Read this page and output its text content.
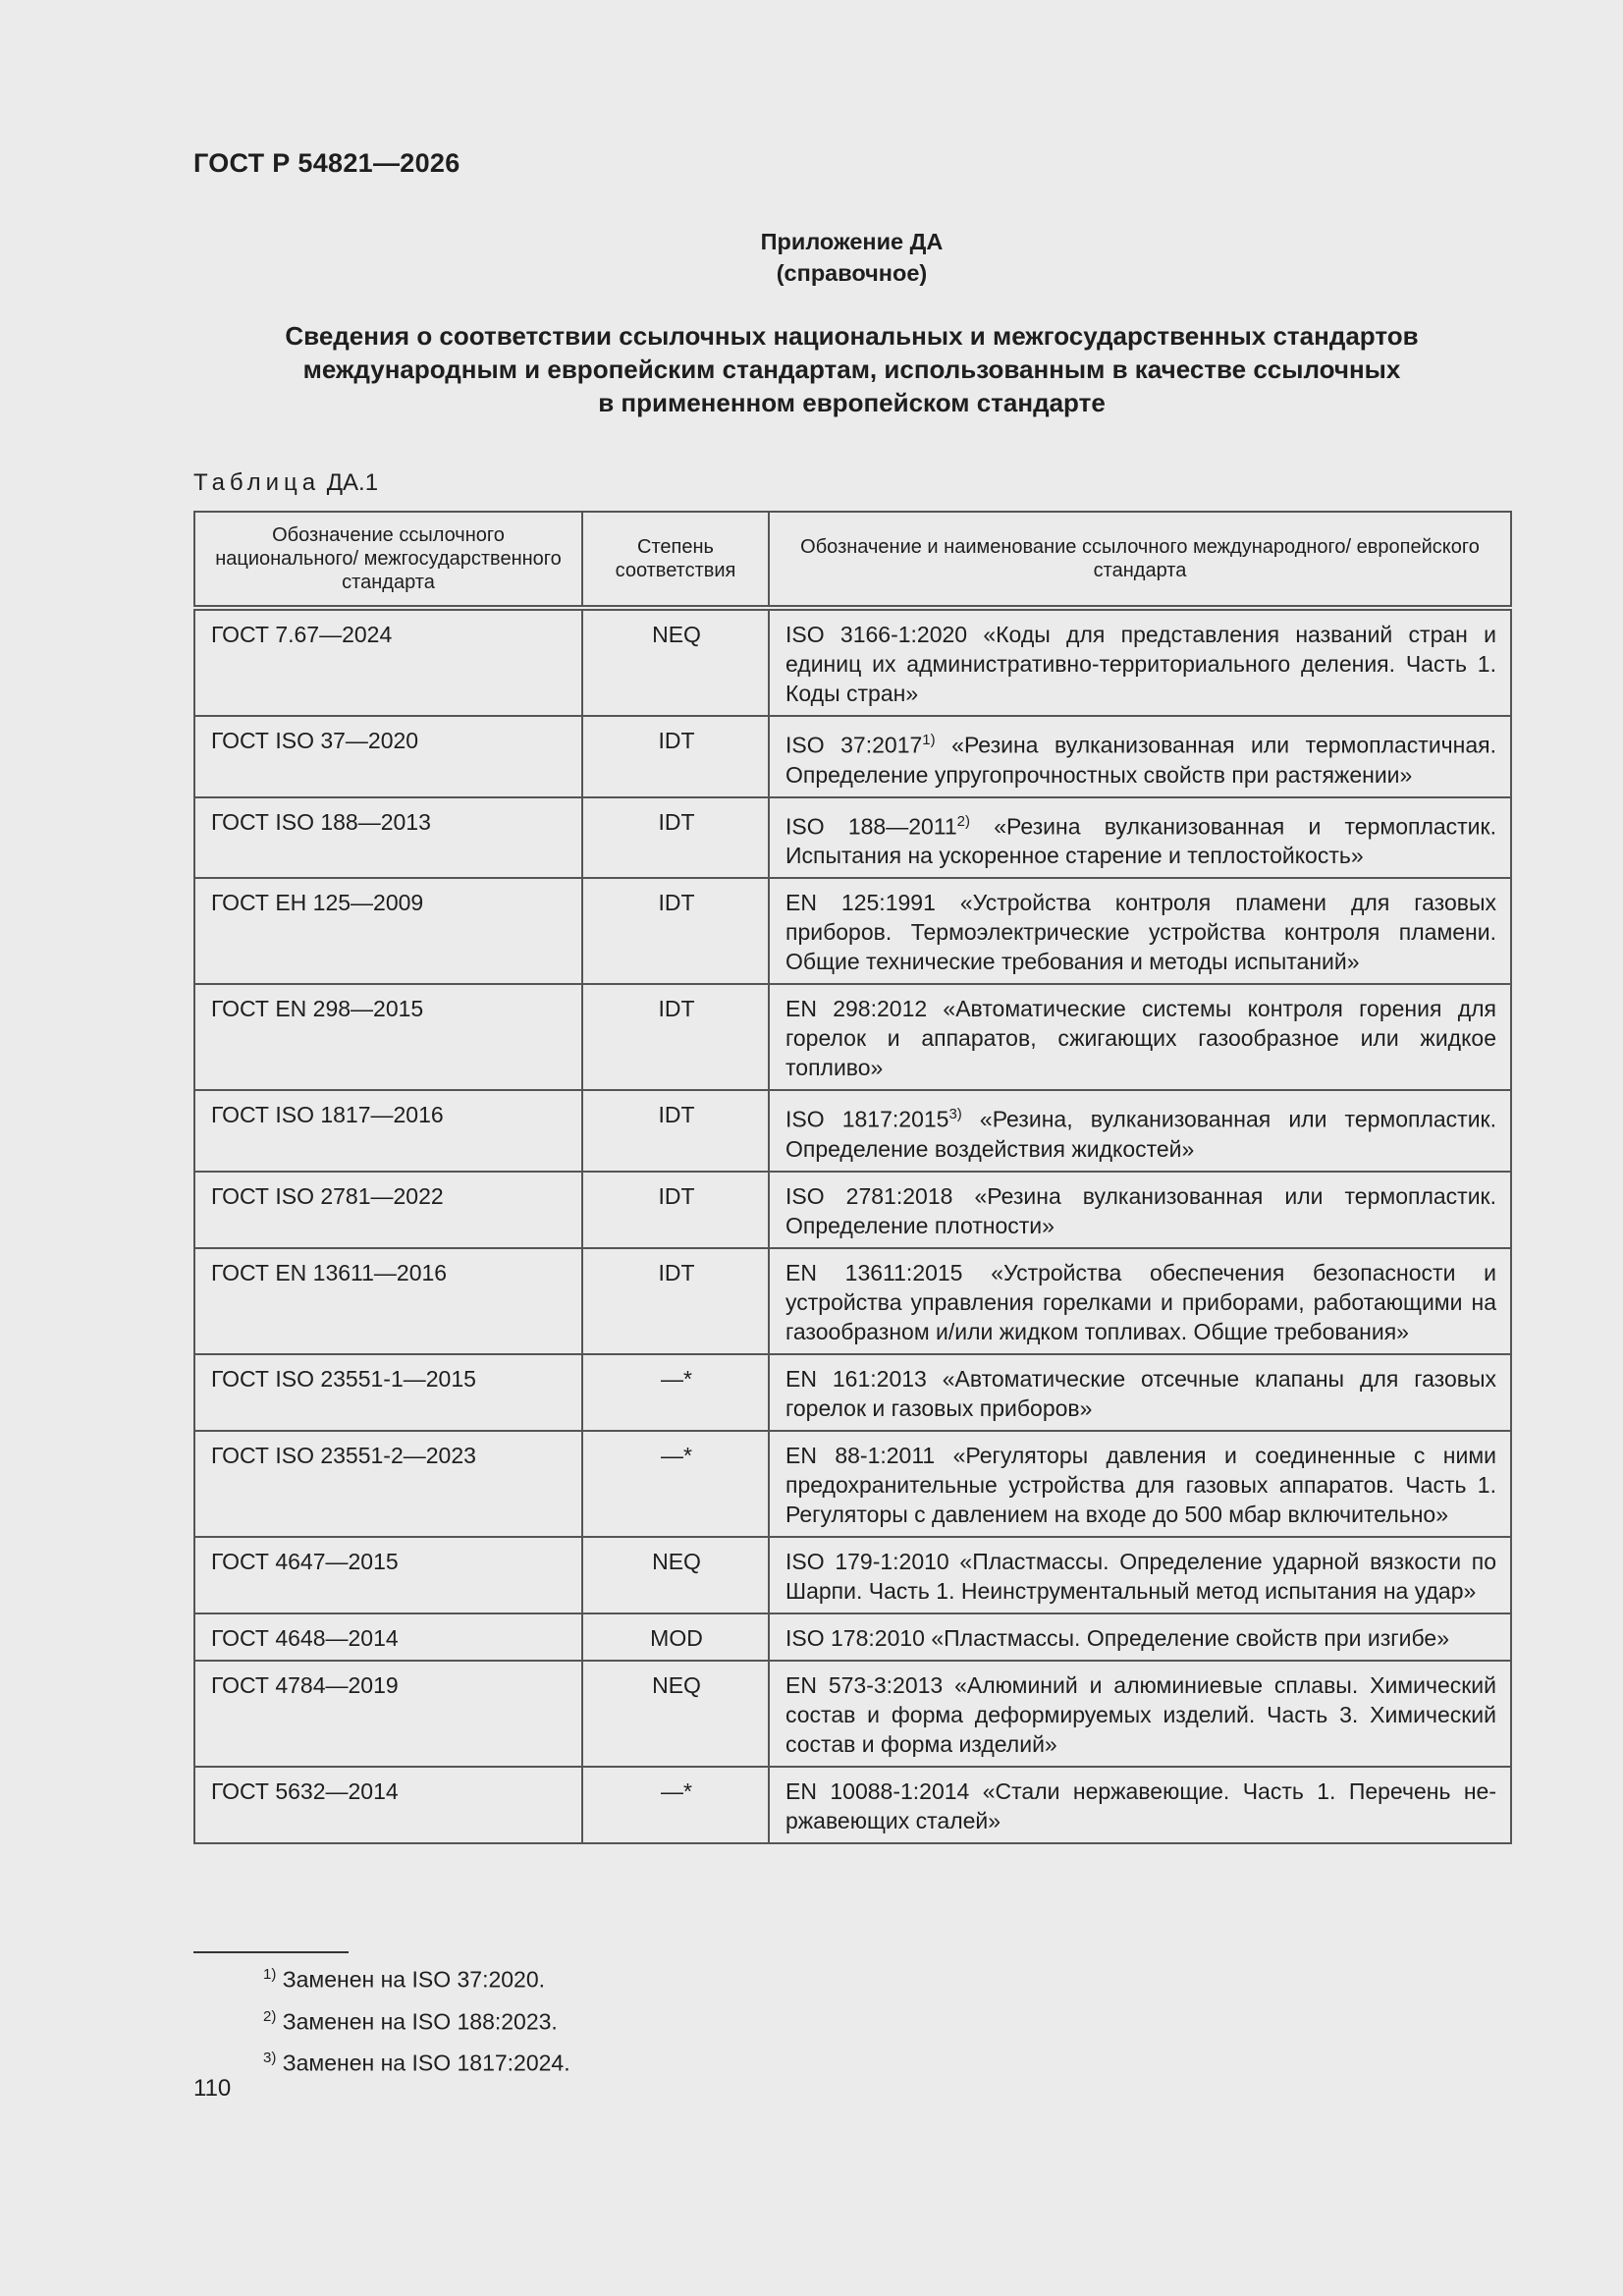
ГОСТ Р 54821—2026
Приложение ДА
(справочное)
Сведения о соответствии ссылочных национальных и межгосударственных стандартов
международным и европейским стандартам, использованным в качестве ссылочных
в примененном европейском стандарте
Таблица ДА.1
Обозначение ссылочного национального/ межгосударственного стандарта	Степень соответствия	Обозначение и наименование ссылочного международного/ европейского стандарта
ГОСТ 7.67—2024	NEQ	ISO 3166-1:2020 «Коды для представления названий стран и единиц их административно-территориального деления. Часть 1. Коды стран»
ГОСТ ISO 37—2020	IDT	ISO 37:2017$^{1)}$ «Резина вулканизованная или термопластичная. Определение упругопрочностных свойств при растяжении»
ГОСТ ISO 188—2013	IDT	ISO 188—2011$^{2)}$ «Резина вулканизованная и термопластик. Испытания на ускоренное старение и теплостойкость»
ГОСТ ЕН 125—2009	IDT	EN 125:1991 «Устройства контроля пламени для газовых приборов. Термоэлектрические устройства контроля пламени. Общие технические требования и методы испытаний»
ГОСТ EN 298—2015	IDT	EN 298:2012 «Автоматические системы контроля горения для горелок и аппаратов, сжигающих газообразное или жидкое топливо»
ГОСТ ISO 1817—2016	IDT	ISO 1817:2015$^{3)}$ «Резина, вулканизованная или термопластик. Определение воздействия жидкостей»
ГОСТ ISO 2781—2022	IDT	ISO 2781:2018 «Резина вулканизованная или термопластик. Определение плотности»
ГОСТ EN 13611—2016	IDT	EN 13611:2015 «Устройства обеспечения безопасности и устройства управления горелками и приборами, работающими на газообразном и/или жидком топливах. Общие требования»
ГОСТ ISO 23551-1—2015	—*	EN 161:2013 «Автоматические отсечные клапаны для газовых горелок и газовых приборов»
ГОСТ ISO 23551-2—2023	—*	EN 88-1:2011 «Регуляторы давления и соединенные с ними предохранительные устройства для газовых аппаратов. Часть 1. Регуляторы с давлением на входе до 500 мбар включительно»
ГОСТ 4647—2015	NEQ	ISO 179-1:2010 «Пластмассы. Определение ударной вязкости по Шарпи. Часть 1. Неинструментальный метод испытания на удар»
ГОСТ 4648—2014	MOD	ISO 178:2010 «Пластмассы. Определение свойств при изгибе»
ГОСТ 4784—2019	NEQ	EN 573-3:2013 «Алюминий и алюминиевые сплавы. Химический состав и форма деформируемых изделий. Часть 3. Химический состав и форма изделий»
ГОСТ 5632—2014	—*	EN 10088-1:2014 «Стали нержавеющие. Часть 1. Перечень нержавеющих сталей»
$^{1)}$ Заменен на ISO 37:2020.
$^{2)}$ Заменен на ISO 188:2023.
$^{3)}$ Заменен на ISO 1817:2024.
110
